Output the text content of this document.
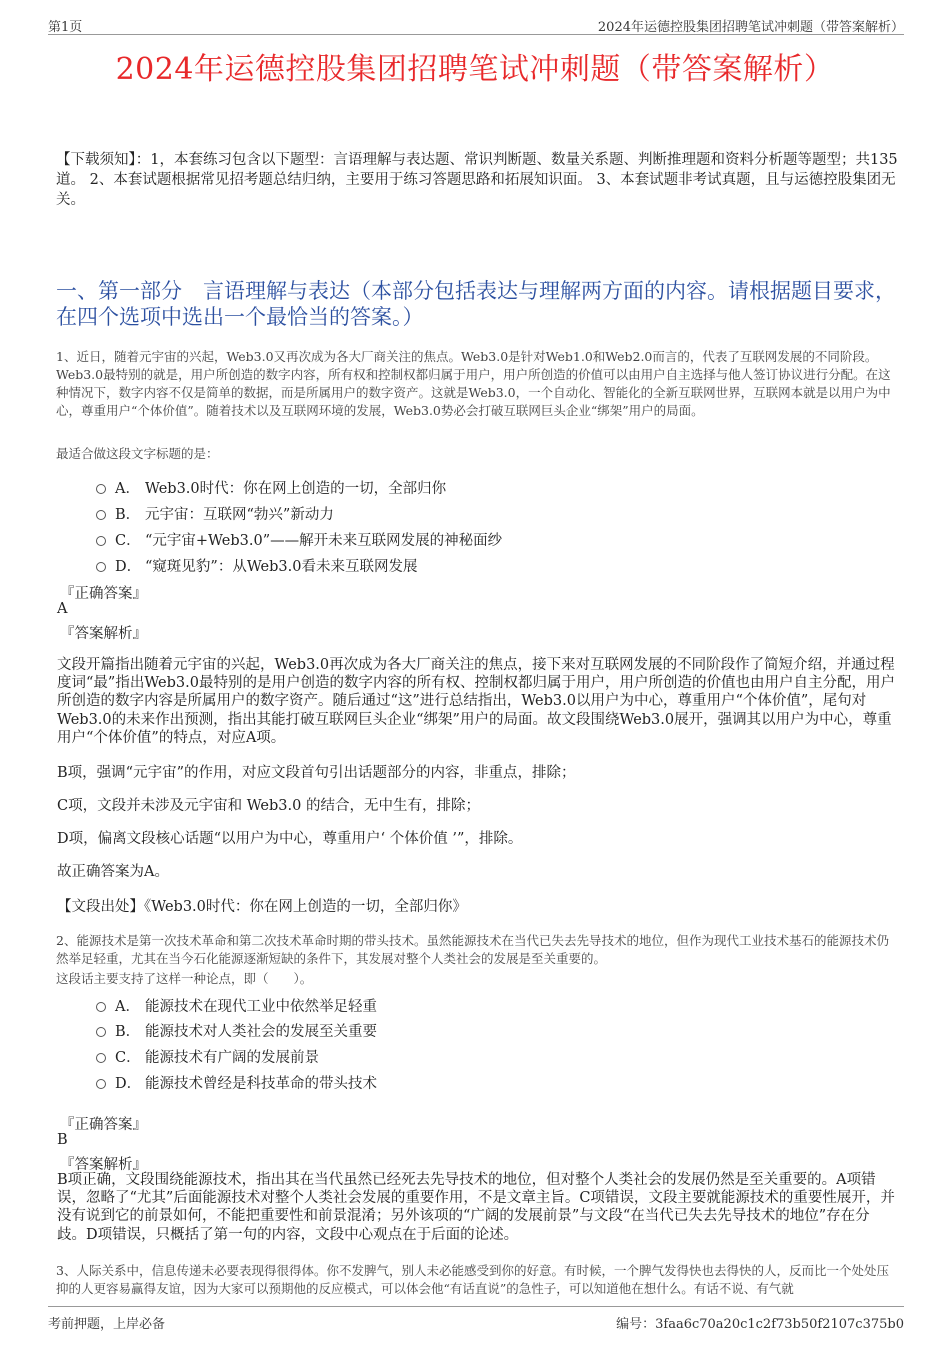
第1页	2024年运德控股集团招聘笔试冲刺题（带答案解析）
2024年运德控股集团招聘笔试冲刺题（带答案解析）
【下载须知】：1，本套练习包含以下题型：言语理解与表达题、常识判断题、数量关系题、判断推理题和资料分析题等题型；共135道。 2、本套试题根据常见招考题总结归纳，主要用于练习答题思路和拓展知识面。 3、本套试题非考试真题，且与运德控股集团无关。
一、第一部分　言语理解与表达（本部分包括表达与理解两方面的内容。请根据题目要求，在四个选项中选出一个最恰当的答案。）
1、近日，随着元宇宙的兴起，Web3.0又再次成为各大厂商关注的焦点。Web3.0是针对Web1.0和Web2.0而言的，代表了互联网发展的不同阶段。Web3.0最特别的就是，用户所创造的数字内容，所有权和控制权都归属于用户，用户所创造的价值可以由用户自主选择与他人签订协议进行分配。在这种情况下，数字内容不仅是简单的数据，而是所属用户的数字资产。这就是Web3.0，一个自动化、智能化的全新互联网世界，互联网本就是以用户为中心，尊重用户“个体价值”。随着技术以及互联网环境的发展，Web3.0势必会打破互联网巨头企业“绑架”用户的局面。
最适合做这段文字标题的是：
A． Web3.0时代：你在网上创造的一切，全部归你
B． 元宇宙：互联网“勃兴”新动力
C． “元宇宙+Web3.0”——解开未来互联网发展的神秘面纱
D． “窥斑见豹”：从Web3.0看未来互联网发展
『正确答案』
A
『答案解析』
文段开篇指出随着元宇宙的兴起，Web3.0再次成为各大厂商关注的焦点，接下来对互联网发展的不同阶段作了简短介绍，并通过程度词“最”指出Web3.0最特别的是用户创造的数字内容的所有权、控制权都归属于用户，用户所创造的价值也由用户自主分配，用户所创造的数字内容是所属用户的数字资产。随后通过“这”进行总结指出，Web3.0以用户为中心，尊重用户“个体价值”，尾句对Web3.0的未来作出预测，指出其能打破互联网巨头企业“绑架”用户的局面。故文段围绕Web3.0展开，强调其以用户为中心，尊重用户“个体价值”的特点，对应A项。
B项，强调“元宇宙”的作用，对应文段首句引出话题部分的内容，非重点，排除；
C项，文段并未涉及元宇宙和 Web3.0 的结合，无中生有，排除；
D项，偏离文段核心话题“以用户为中心，尊重用户‘ 个体价值 ’”，排除。
故正确答案为A。
【文段出处】《Web3.0时代：你在网上创造的一切，全部归你》
2、能源技术是第一次技术革命和第二次技术革命时期的带头技术。虽然能源技术在当代已失去先导技术的地位，但作为现代工业技术基石的能源技术仍然举足轻重，尤其在当今石化能源逐渐短缺的条件下，其发展对整个人类社会的发展是至关重要的。
这段话主要支持了这样一种论点，即（　　）。
A． 能源技术在现代工业中依然举足轻重
B． 能源技术对人类社会的发展至关重要
C． 能源技术有广阔的发展前景
D． 能源技术曾经是科技革命的带头技术
『正确答案』
B
『答案解析』
B项正确，文段围绕能源技术，指出其在当代虽然已经死去先导技术的地位，但对整个人类社会的发展仍然是至关重要的。A项错误，忽略了“尤其”后面能源技术对整个人类社会发展的重要作用，不是文章主旨。C项错误，文段主要就能源技术的重要性展开，并没有说到它的前景如何，不能把重要性和前景混淆；另外该项的“广阔的发展前景”与文段“在当代已失去先导技术的地位”存在分歧。D项错误，只概括了第一句的内容，文段中心观点在于后面的论述。
3、人际关系中，信息传递未必要表现得很得体。你不发脾气，别人未必能感受到你的好意。有时候，一个脾气发得快也去得快的人，反而比一个处处压抑的人更容易赢得友谊，因为大家可以预期他的反应模式，可以体会他“有话直说”的急性子，可以知道他在想什么。有话不说、有气就
考前押题，上岸必备	编号：3faa6c70a20c1c2f73b50f2107c375b0
